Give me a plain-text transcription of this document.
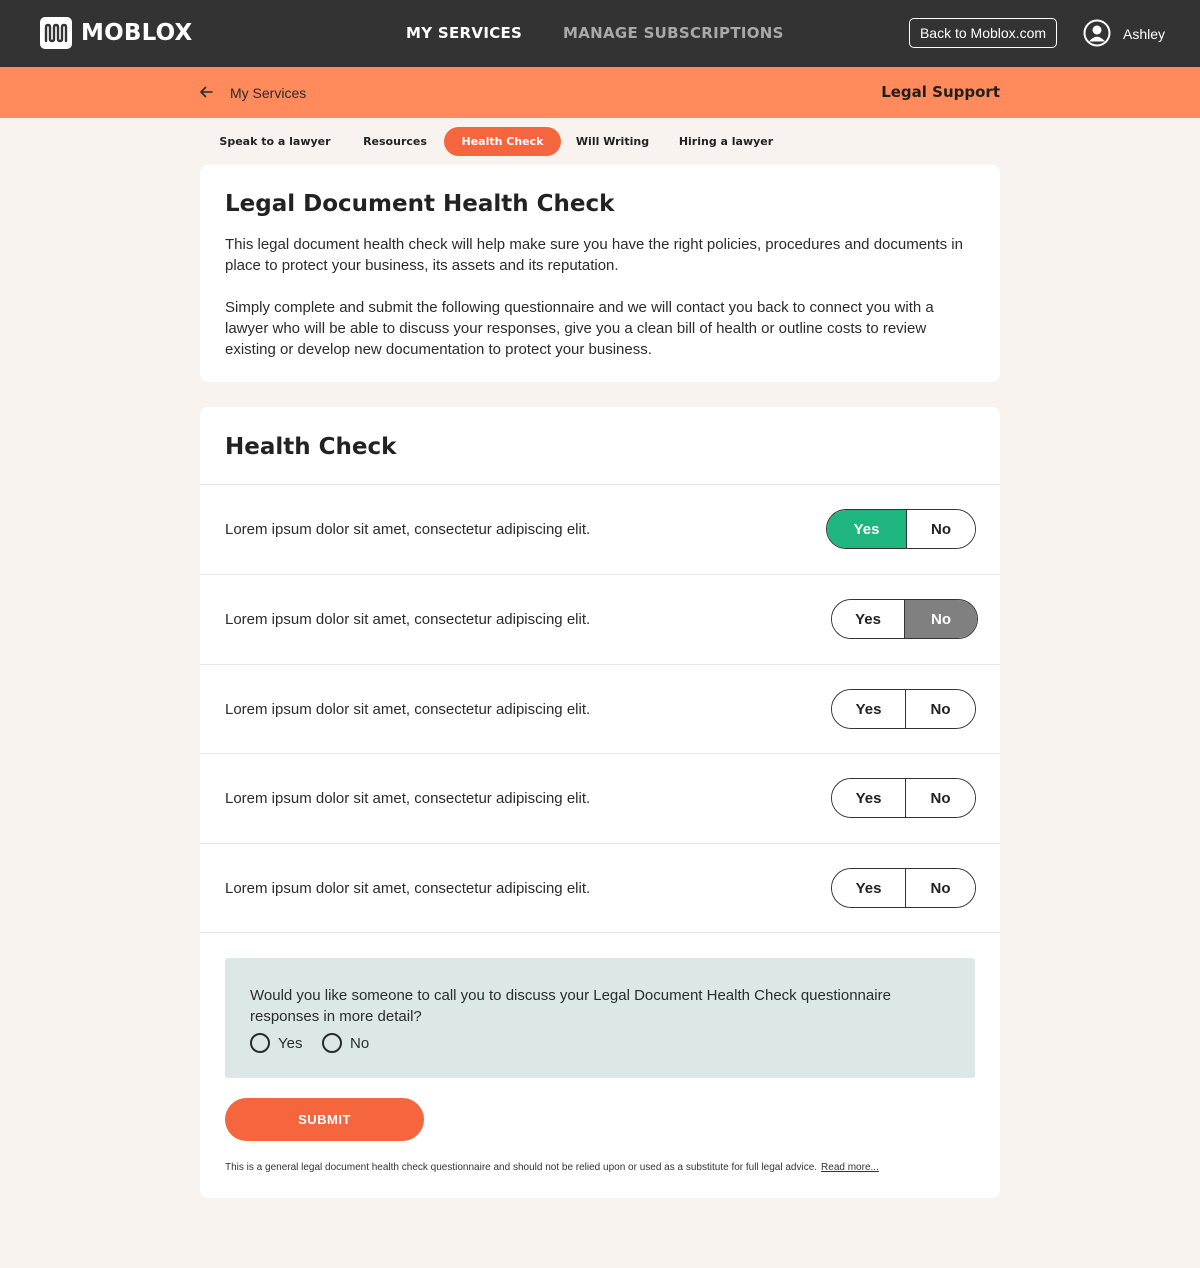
MOBLOX	MY SERVICES	MANAGE SUBSCRIPTIONS	Back to Moblox.com	Ashley
My Services	Legal Support
Speak to a lawyer	Resources	Health Check	Will Writing	Hiring a lawyer
Legal Document Health Check

This legal document health check will help make sure you have the right policies, procedures and documents in place to protect your business, its assets and its reputation.

Simply complete and submit the following questionnaire and we will contact you back to connect you with a lawyer who will be able to discuss your responses, give you a clean bill of health or outline costs to review existing or develop new documentation to protect your business.

Health Check
Lorem ipsum dolor sit amet, consectetur adipiscing elit.	Yes	No
Lorem ipsum dolor sit amet, consectetur adipiscing elit.	Yes	No
Lorem ipsum dolor sit amet, consectetur adipiscing elit.	Yes	No
Lorem ipsum dolor sit amet, consectetur adipiscing elit.	Yes	No
Lorem ipsum dolor sit amet, consectetur adipiscing elit.	Yes	No

Would you like someone to call you to discuss your Legal Document Health Check questionnaire responses in more detail?

Yes	No
SUBMIT
This is a general legal document health check questionnaire and should not be relied upon or used as a substitute for full legal advice. Read more...
